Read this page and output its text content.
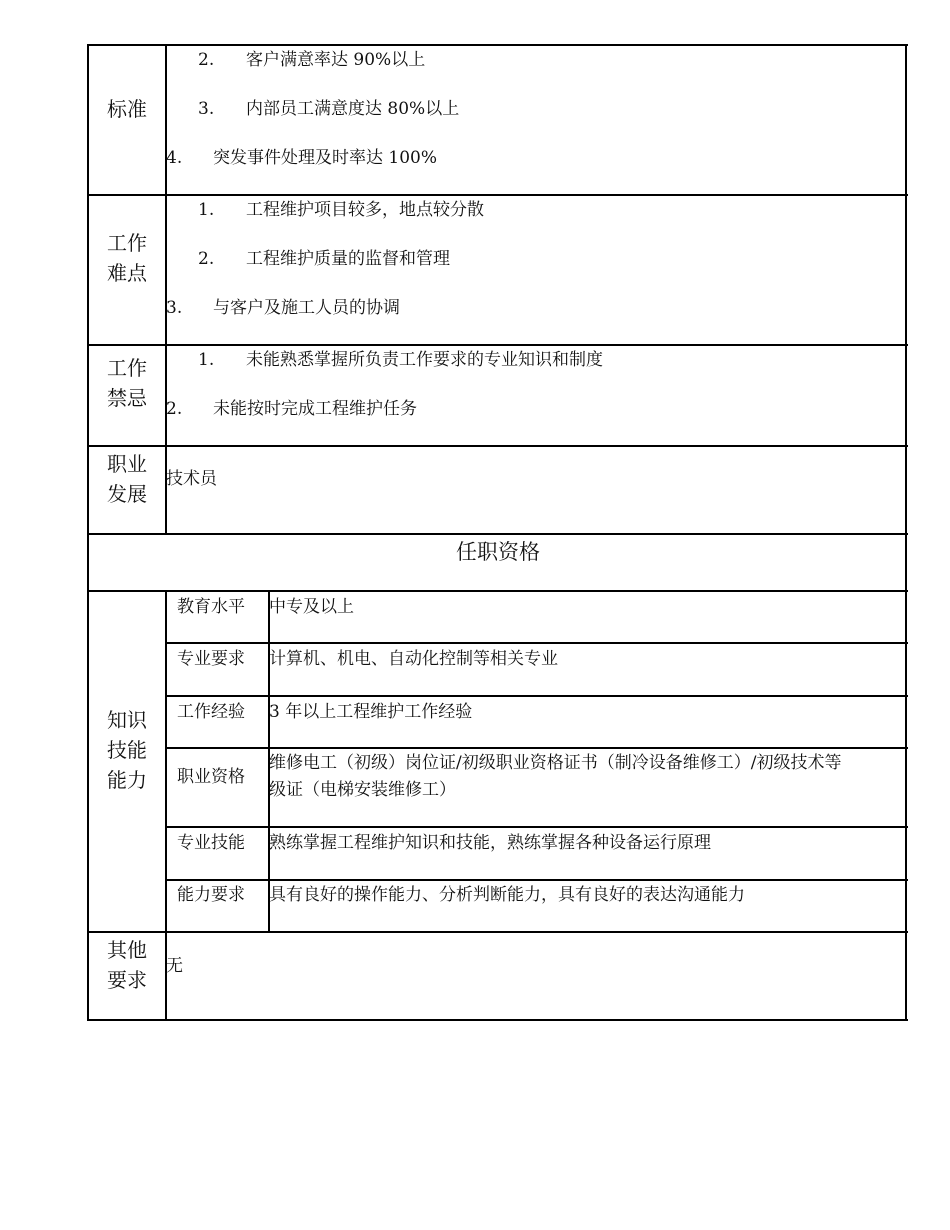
标准
2. 客户满意率达 90%以上
3. 内部员工满意度达 80%以上
4. 突发事件处理及时率达 100%
工作
难点
1. 工程维护项目较多，地点较分散
2. 工程维护质量的监督和管理
3. 与客户及施工人员的协调
工作
禁忌
1. 未能熟悉掌握所负责工作要求的专业知识和制度
2. 未能按时完成工程维护任务
职业
发展
技术员
任职资格
知识
技能
能力
教育水平 中专及以上
专业要求 计算机、机电、自动化控制等相关专业
工作经验 3 年以上工程维护工作经验
职业资格
维修电工（初级）岗位证/初级职业资格证书（制冷设备维修工）/初级技术等
级证（电梯安装维修工）
专业技能 熟练掌握工程维护知识和技能，熟练掌握各种设备运行原理
能力要求 具有良好的操作能力、分析判断能力，具有良好的表达沟通能力
其他
要求
无
